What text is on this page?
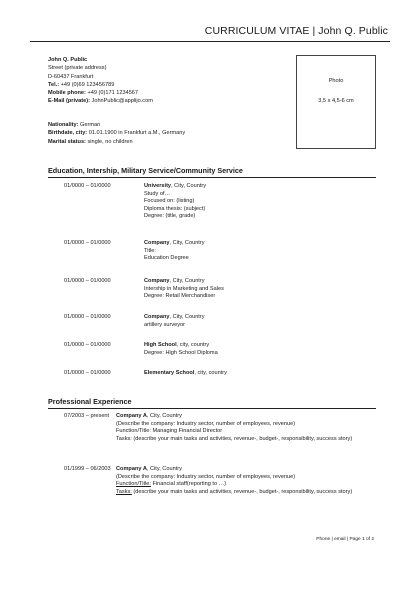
CURRICULUM VITAE | John Q. Public
John Q. Public
Street (private address)
D-60437 Frankfurt
Tel.: +49 (0)69 123456789
Mobile phone: +49 (0)171 1234567
E-Mail (private): JohnPublic@applijo.com
Photo
3,5 x 4,5-6 cm
Nationality: German
Birthdate, city: 01.01.1900 in Frankfurt a.M., Germany
Marital status: single, no children
Education, Intership, Military Service/Community Service
01/0000 – 01/0000	University, City, Country
Study of…
Focused on: (listing)
Diploma thesis: (subject)
Degree: (title, grade)
01/0000 – 01/0000	Company, City, Country
Title:
Education Degree
01/0000 – 01/0000	Company, City, Country
Intership in Marketing and Sales
Degree: Retail Merchandiser
01/0000 – 01/0000	Company, City, Country
artillery surveyor
01/0000 – 01/0000	High School, city, country
Degree: High School Diploma
01/0000 – 01/0000	Elementary School, city, country
Professional Experience
07/2003 – present Company A, City, Country
(Describe the company: Industry sector, number of employees, revenue)
Function/Title: Managing Financial Director
Tasks: (describe your main tasks and activities, revenue-, budget-, responsibility, success story)
01/1999 – 06/2003 Company A, City, Country
(Describe the company: Industry sector, number of employees, revenue)
Function/Title: Financial staff(reporting to …)
Tasks: (describe your main tasks and activities, revenue-, budget-, responsibility, success story)
Phone | email | Page 1 of 2
